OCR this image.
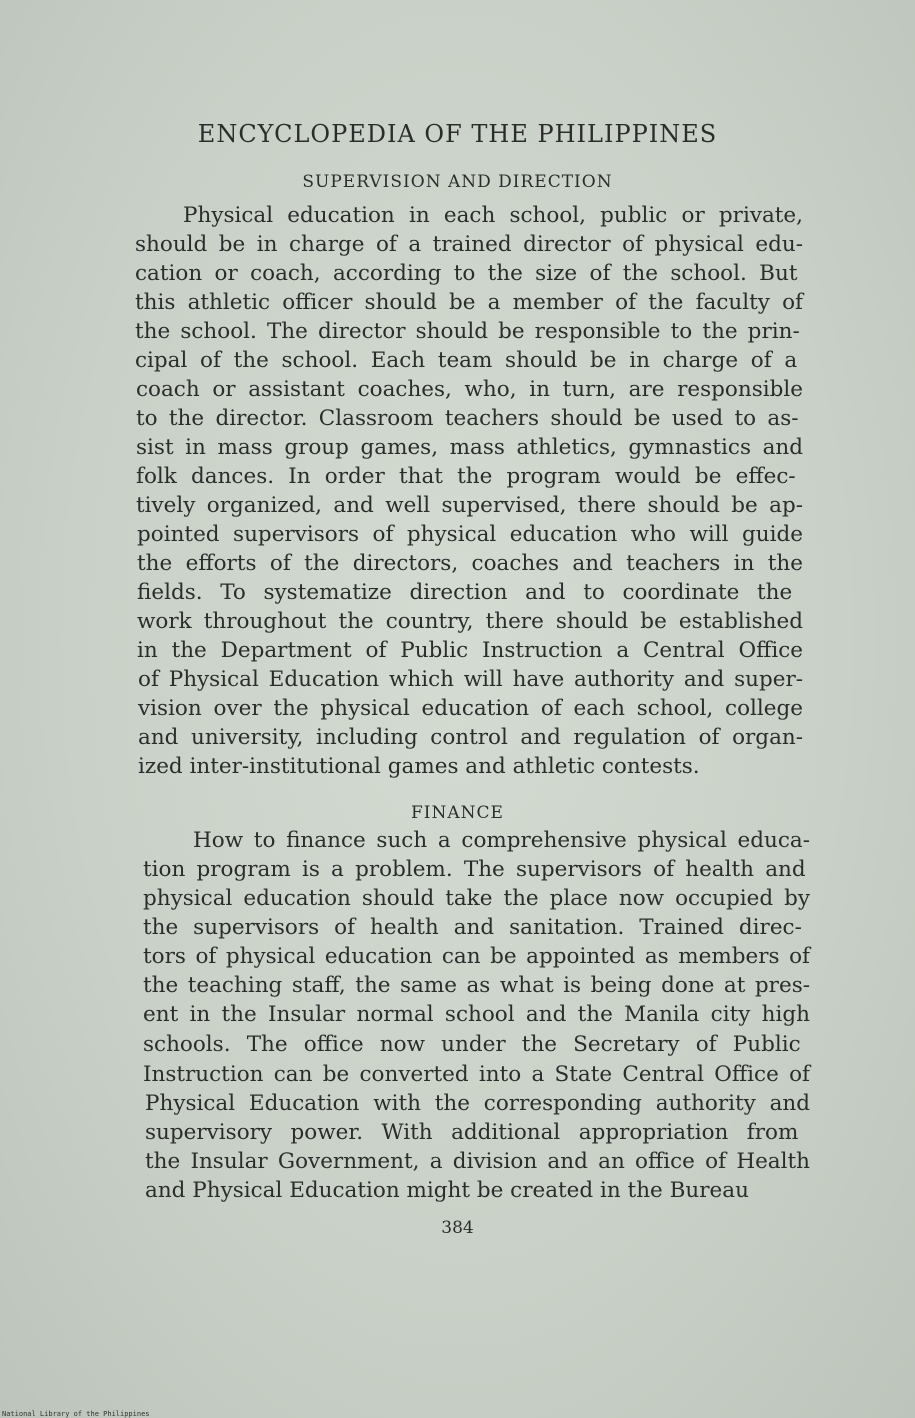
ENCYCLOPEDIA OF THE PHILIPPINES
SUPERVISION AND DIRECTION
Physical education in each school, public or private,
should be in charge of a trained director of physical edu-
cation or coach, according to the size of the school. But
this athletic officer should be a member of the faculty of
the school. The director should be responsible to the prin-
cipal of the school. Each team should be in charge of a
coach or assistant coaches, who, in turn, are responsible
to the director. Classroom teachers should be used to as-
sist in mass group games, mass athletics, gymnastics and
folk dances. In order that the program would be effec-
tively organized, and well supervised, there should be ap-
pointed supervisors of physical education who will guide
the efforts of the directors, coaches and teachers in the
fields. To systematize direction and to coordinate the
work throughout the country, there should be established
in the Department of Public Instruction a Central Office
of Physical Education which will have authority and super-
vision over the physical education of each school, college
and university, including control and regulation of organ-
ized inter-institutional games and athletic contests.
FINANCE
How to finance such a comprehensive physical educa-
tion program is a problem. The supervisors of health and
physical education should take the place now occupied by
the supervisors of health and sanitation. Trained direc-
tors of physical education can be appointed as members of
the teaching staff, the same as what is being done at pres-
ent in the Insular normal school and the Manila city high
schools. The office now under the Secretary of Public
Instruction can be converted into a State Central Office of
Physical Education with the corresponding authority and
supervisory power. With additional appropriation from
the Insular Government, a division and an office of Health
and Physical Education might be created in the Bureau
384
National Library of the Philippines
